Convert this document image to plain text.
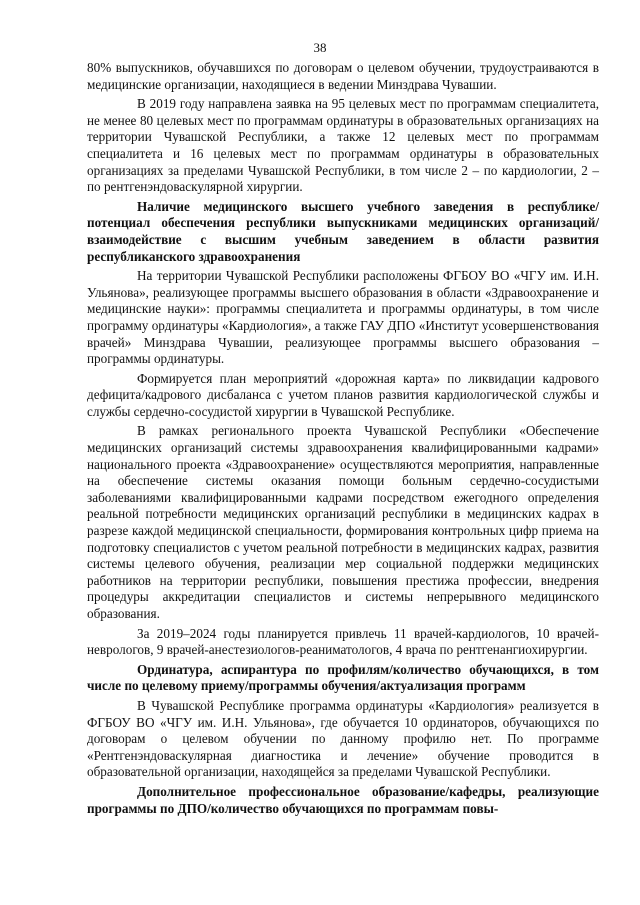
38

80% выпускников, обучавшихся по договорам о целевом обучении, трудоустраиваются в медицинские организации, находящиеся в ведении Минздрава Чувашии.

В 2019 году направлена заявка на 95 целевых мест по программам специалитета, не менее 80 целевых мест по программам ординатуры в образовательных организациях на территории Чувашской Республики, а также 12 целевых мест по программам специалитета и 16 целевых мест по программам ординатуры в образовательных организациях за пределами Чувашской Республики, в том числе 2 – по кардиологии, 2 – по рентгенэндоваскулярной хирургии.

Наличие медицинского высшего учебного заведения в республике/потенциал обеспечения республики выпускниками медицинских организаций/взаимодействие с высшим учебным заведением в области развития республиканского здравоохранения

На территории Чувашской Республики расположены ФГБОУ ВО «ЧГУ им. И.Н. Ульянова», реализующее программы высшего образования в области «Здравоохранение и медицинские науки»: программы специалитета и программы ординатуры, в том числе программу ординатуры «Кардиология», а также ГАУ ДПО «Институт усовершенствования врачей» Минздрава Чувашии, реализующее программы высшего образования – программы ординатуры.

Формируется план мероприятий «дорожная карта» по ликвидации кадрового дефицита/кадрового дисбаланса с учетом планов развития кардиологической службы и службы сердечно-сосудистой хирургии в Чувашской Республике.

В рамках регионального проекта Чувашской Республики «Обеспечение медицинских организаций системы здравоохранения квалифицированными кадрами» национального проекта «Здравоохранение» осуществляются мероприятия, направленные на обеспечение системы оказания помощи больным сердечно-сосудистыми заболеваниями квалифицированными кадрами посредством ежегодного определения реальной потребности медицинских организаций республики в медицинских кадрах в разрезе каждой медицинской специальности, формирования контрольных цифр приема на подготовку специалистов с учетом реальной потребности в медицинских кадрах, развития системы целевого обучения, реализации мер социальной поддержки медицинских работников на территории республики, повышения престижа профессии, внедрения процедуры аккредитации специалистов и системы непрерывного медицинского образования.

За 2019–2024 годы планируется привлечь 11 врачей-кардиологов, 10 врачей-неврологов, 9 врачей-анестезиологов-реаниматологов, 4 врача по рентгенангиохирургии.

Ординатура, аспирантура по профилям/количество обучающихся, в том числе по целевому приему/программы обучения/актуализация программ

В Чувашской Республике программа ординатуры «Кардиология» реализуется в ФГБОУ ВО «ЧГУ им. И.Н. Ульянова», где обучается 10 ординаторов, обучающихся по договорам о целевом обучении по данному профилю нет. По программе «Рентгенэндоваскулярная диагностика и лечение» обучение проводится в образовательной организации, находящейся за пределами Чувашской Республики.

Дополнительное профессиональное образование/кафедры, реализующие программы по ДПО/количество обучающихся по программам повы-
